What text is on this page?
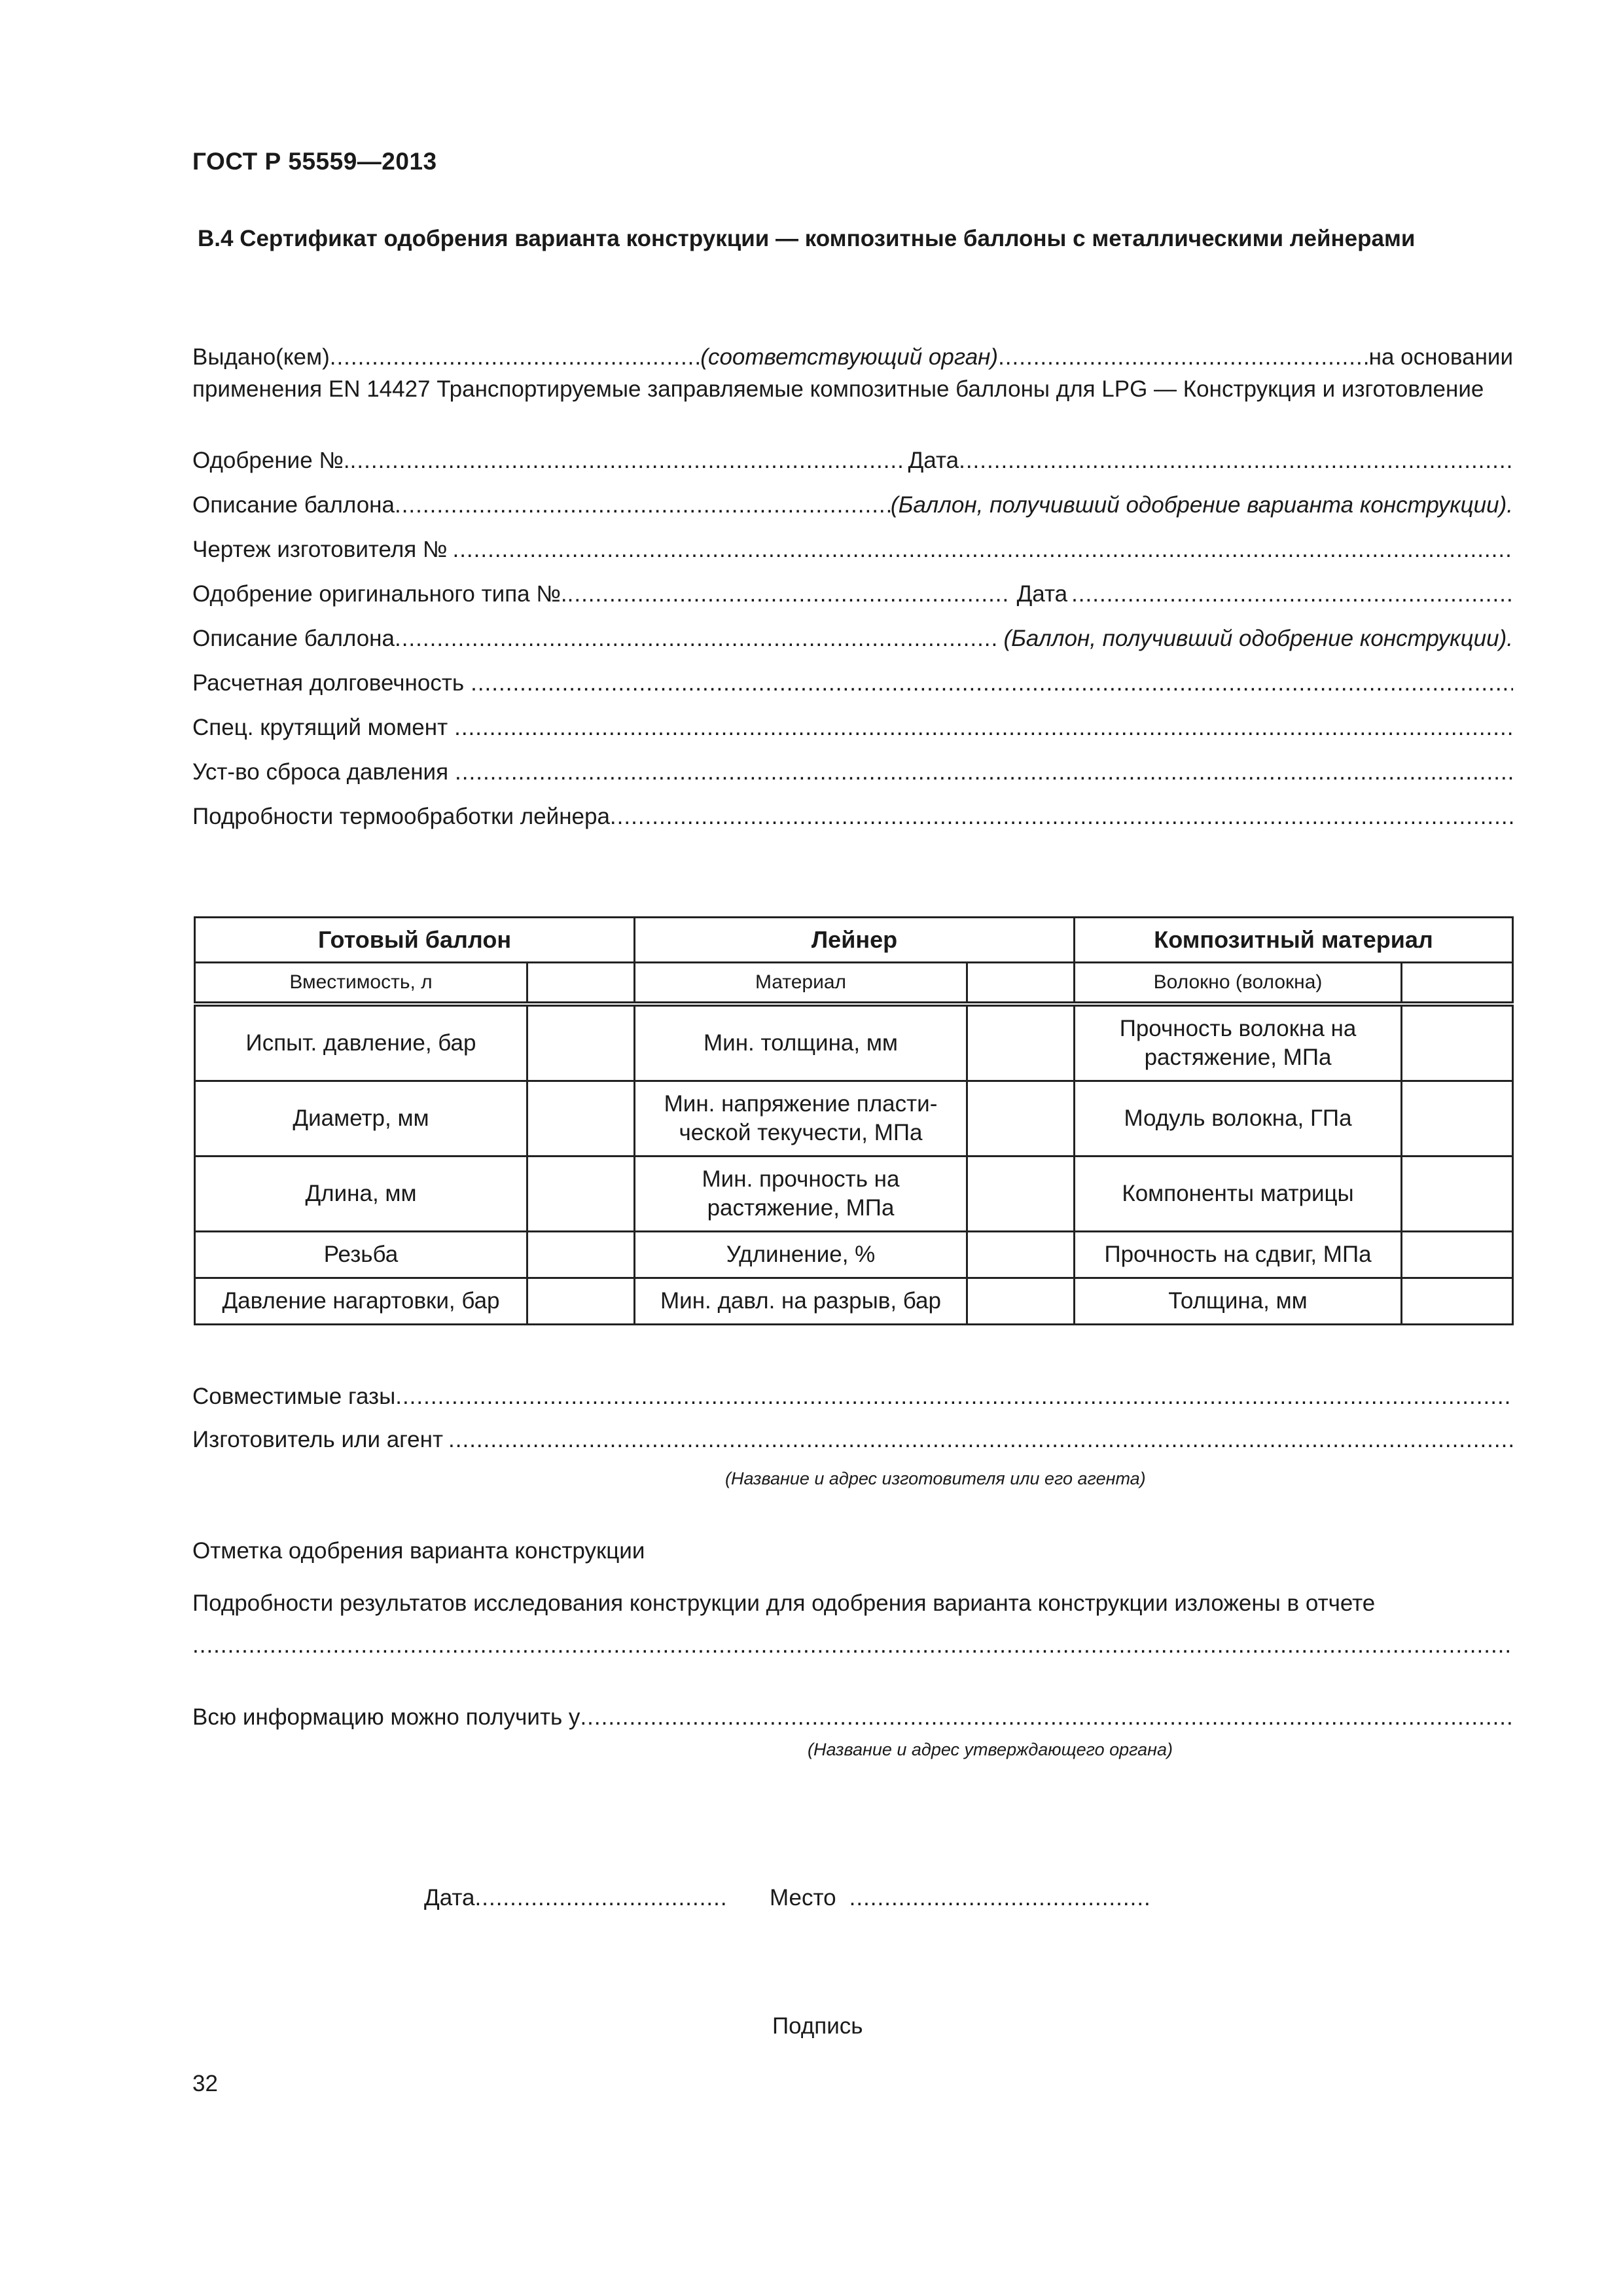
ГОСТ Р 55559—2013
В.4 Сертификат одобрения варианта конструкции — композитные баллоны с металлическими лейнерами
Выдано(кем) .....	(соответствующий орган) .....	на основании
применения EN 14427 Транспортируемые заправляемые композитные баллоны для LPG — Конструкция и изготовление
Одобрение №. .....	Дата
.....
Описание баллона .....	(Баллон, получивший одобрение варианта конструкции).
Чертеж изготовителя №
.....
Одобрение оригинального типа №. .....	Дата
.....
Описание баллона .....	(Баллон, получивший одобрение конструкции).
Расчетная долговечность
.....
Спец. крутящий момент
.....
Уст-во сброса давления
.....
Подробности термообработки лейнера
.....
Готовый баллон		Лейнер		Композитный материал	
Вместимость, л		Материал		Волокно (волокна)	
Испыт. давление, бар		Мин. толщина, мм		Прочность волокна на растяжение, МПа	
Диаметр, мм		Мин. напряжение пласти-ческой текучести, МПа		Модуль волокна, ГПа	
Длина, мм		Мин. прочность на растяжение, МПа		Компоненты матрицы	
Резьба		Удлинение, %		Прочность на сдвиг, МПа	
Давление нагартовки, бар		Мин. давл. на разрыв, бар		Толщина, мм	
Совместимые газы
.....
Изготовитель или агент
.....
(Название и адрес изготовителя или его агента)
Отметка одобрения варианта конструкции
Подробности результатов исследования конструкции для одобрения варианта конструкции изложены в отчете
.....
Всю информацию можно получить у
.....
(Название и адрес утверждающего органа)
Дата .....	Место
.....
Подпись
32
